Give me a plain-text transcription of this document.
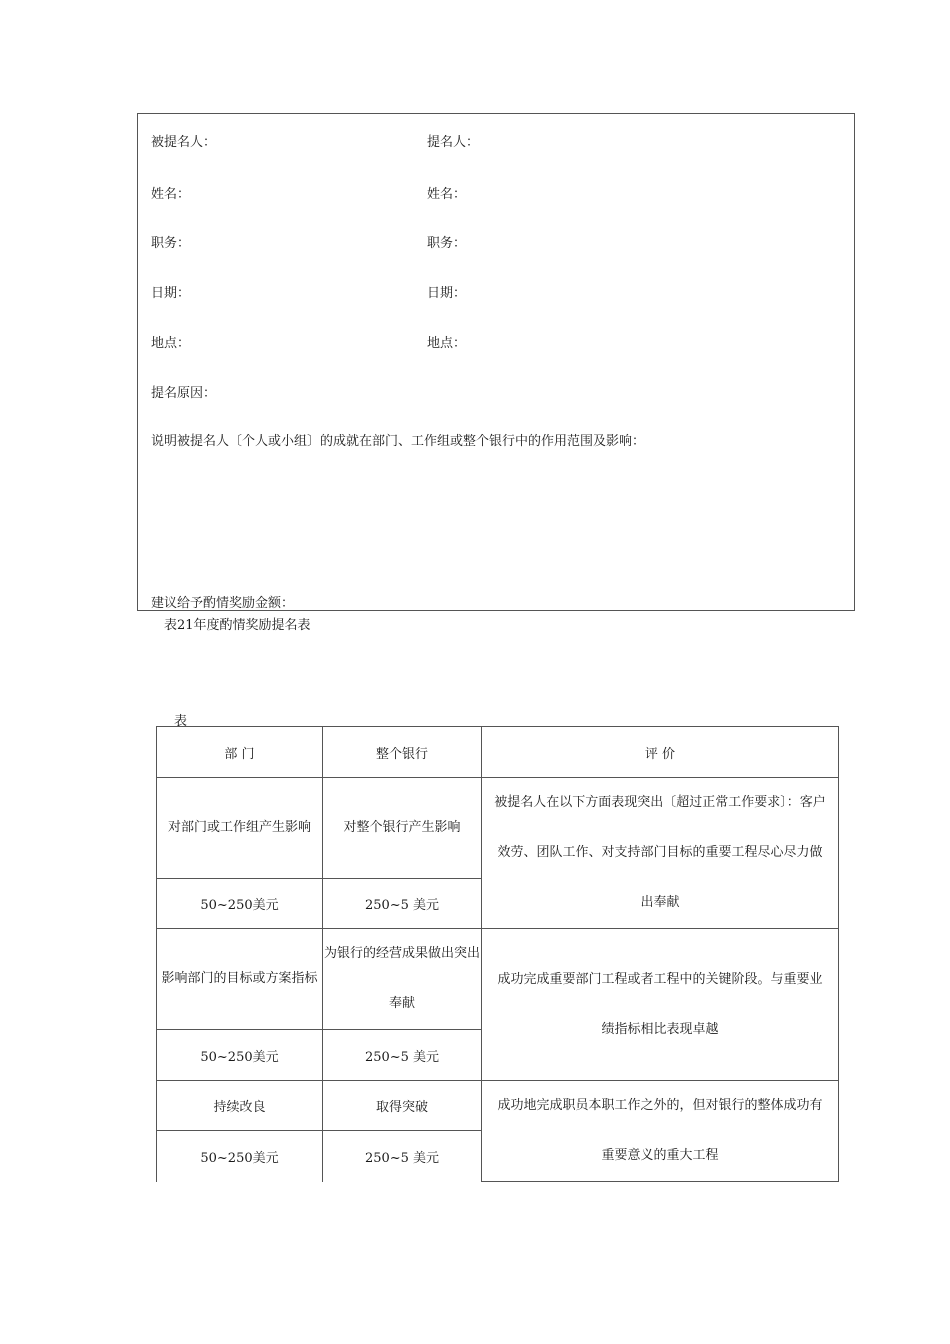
被提名人：	提名人：
姓名：	姓名：
职务：	职务：
日期：	日期：
地点：	地点：
提名原因：
说明被提名人〔个人或小组〕的成就在部门、工作组或整个银行中的作用范围及影响：
建议给予酌情奖励金额：
表21年度酌情奖励提名表
表
部 门	整个银行	评 价
对部门或工作组产生影响	对整个银行产生影响	被提名人在以下方面表现突出〔超过正常工作要求〕：客户效劳、团队工作、对支持部门目标的重要工程尽心尽力做出奉献
50~250美元	250~5 美元	
影响部门的目标或方案指标	为银行的经营成果做出突出奉献	成功完成重要部门工程或者工程中的关键阶段。与重要业绩指标相比表现卓越
50~250美元	250~5 美元	
持续改良	取得突破	成功地完成职员本职工作之外的，但对银行的整体成功有重要意义的重大工程
50~250美元	250~5 美元	
